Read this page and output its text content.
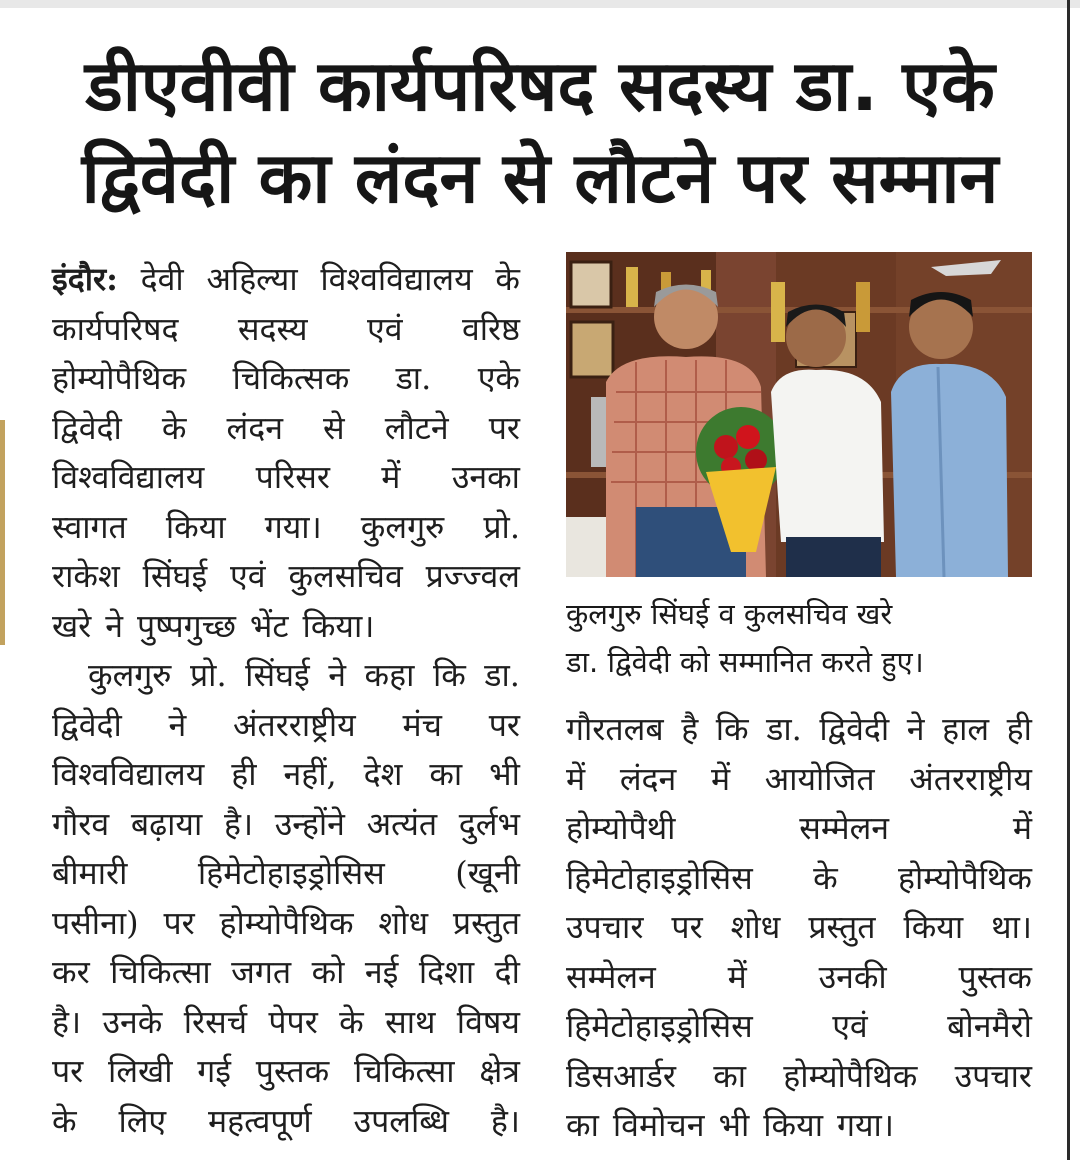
डीएवीवी कार्यपरिषद सदस्य डा. एके
द्विवेदी का लंदन से लौटने पर सम्मान
इंदौर: देवी अहिल्या विश्वविद्यालय के
कार्यपरिषद सदस्य एवं वरिष्ठ
होम्योपैथिक चिकित्सक डा. एके
द्विवेदी के लंदन से लौटने पर
विश्वविद्यालय परिसर में उनका
स्वागत किया गया। कुलगुरु प्रो.
राकेश सिंघई एवं कुलसचिव प्रज्ज्वल
खरे ने पुष्पगुच्छ भेंट किया।
कुलगुरु प्रो. सिंघई ने कहा कि डा.
द्विवेदी ने अंतरराष्ट्रीय मंच पर
विश्वविद्यालय ही नहीं, देश का भी
गौरव बढ़ाया है। उन्होंने अत्यंत दुर्लभ
बीमारी हिमेटोहाइड्रोसिस (खूनी
पसीना) पर होम्योपैथिक शोध प्रस्तुत
कर चिकित्सा जगत को नई दिशा दी
है। उनके रिसर्च पेपर के साथ विषय
पर लिखी गई पुस्तक चिकित्सा क्षेत्र
के लिए महत्वपूर्ण उपलब्धि है।
कुलगुरु सिंघई व कुलसचिव खरे
डा. द्विवेदी को सम्मानित करते हुए।
गौरतलब है कि डा. द्विवेदी ने हाल ही
में लंदन में आयोजित अंतरराष्ट्रीय
होम्योपैथी	सम्मेलन	में
हिमेटोहाइड्रोसिस के होम्योपैथिक
उपचार पर शोध प्रस्तुत किया था।
सम्मेलन में उनकी पुस्तक
हिमेटोहाइड्रोसिस एवं बोनमैरो
डिसआर्डर का होम्योपैथिक उपचार
का विमोचन भी किया गया।
